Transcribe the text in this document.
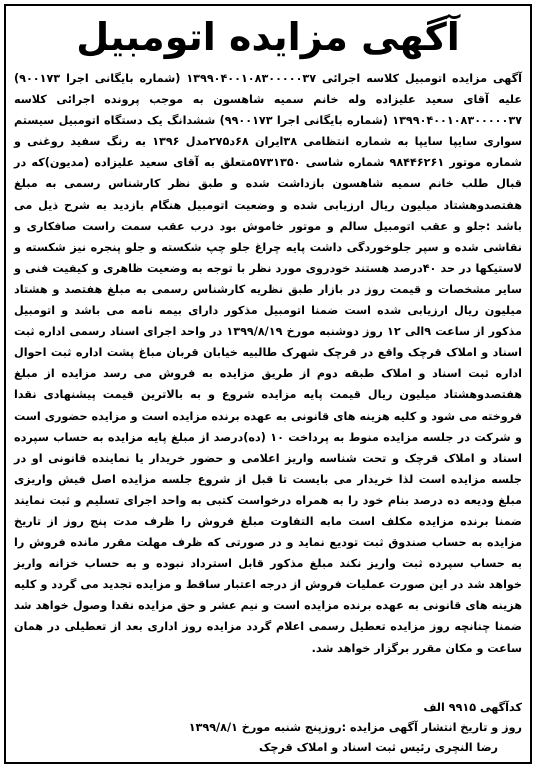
آگهی مزایده اتومبیل

آگهی مزایده اتومبیل کلاسه اجرائی ۱۳۹۹۰۴۰۰۱۰۸۳۰۰۰۰۰۳۷ (شماره بایگانی اجرا ۹۰۰۱۷۳) علیه آقای سعید علیزاده وله خانم سمیه شاهسون به موجب پرونده اجرائی کلاسه ۱۳۹۹۰۴۰۰۱۰۸۳۰۰۰۰۰۳۷ (شماره بایگانی اجرا ۹۹۰۰۱۷۳) ششدانگ یک دستگاه اتومبیل سیستم سواری سایپا سایپا به شماره انتظامی ۳۸ایران ۶۸د۲۷۵مدل ۱۳۹۶ به رنگ سفید روغنی و شماره موتور ۹۸۴۴۶۲۶۱ شماره شاسی ۵۷۳۱۳۵۰متعلق به آقای سعید علیزاده (مدیون)که در قبال طلب خانم سمیه شاهسون بازداشت شده و طبق نظر کارشناس رسمی به مبلغ هفتصدوهشتاد میلیون ریال ارزیابی شده و وضعیت اتومبیل هنگام بازدید به شرح ذیل می باشد :جلو و عقب اتومبیل سالم و موتور خاموش بود درب عقب سمت راست صافکاری و نقاشی شده و سپر جلوخوردگی داشت پایه چراغ جلو چپ شکسته و جلو پنجره نیز شکسته و لاستیکها در حد ۴۰درصد هستند خودروی مورد نظر با توجه به وضعیت ظاهری و کیفیت فنی و سایر مشخصات و قیمت روز در بازار طبق نظریه کارشناس رسمی به مبلغ هفتصد و هشتاد میلیون ریال ارزیابی شده است ضمنا اتومبیل مذکور دارای بیمه نامه می باشد و اتومبیل مذکور از ساعت ۹الی ۱۲ روز دوشنبه مورخ ۱۳۹۹/۸/۱۹ در واحد اجرای اسناد رسمی اداره ثبت اسناد و املاک قرچک واقع در قرچک شهرک طالبیه خیابان قربان مباغ پشت اداره ثبت احوال اداره ثبت اسناد و املاک طبقه دوم از طریق مزایده به فروش می رسد مزایده از مبلغ هفتصدوهشتاد میلیون ریال قیمت پایه مزایده شروع و به بالاترین قیمت پیشنهادی نقدا فروخته می شود و کلیه هزینه های قانونی به عهده برنده مزایده است و مزایده حضوری است و شرکت در جلسه مزایده منوط به پرداخت ۱۰ (ده)درصد از مبلغ پایه مزایده به حساب سپرده اسناد و املاک قرچک و تحت شناسه واریز اعلامی و حضور خریدار یا نماینده قانونی او در جلسه مزایده است لذا خریدار می بایست تا قبل از شروع جلسه مزایده اصل فیش واریزی مبلغ ودیعه ده درصد بنام خود را به همراه درخواست کتبی به واحد اجرای تسلیم و ثبت نمایند ضمنا برنده مزایده مکلف است مابه التفاوت مبلغ فروش را ظرف مدت پنج روز از تاریخ مزایده به حساب صندوق ثبت تودیع نماید و در صورتی که ظرف مهلت مقرر مانده فروش را به حساب سپرده ثبت واریز نکند مبلغ مذکور قابل استرداد نبوده و به حساب خزانه واریز خواهد شد در این صورت عملیات فروش از درجه اعتبار ساقط و مزایده تجدید می گردد و کلیه هزینه های قانونی به عهده برنده مزایده است و نیم عشر و حق مزایده نقدا وصول خواهد شد ضمنا چنانچه روز مزایده تعطیل رسمی اعلام گردد مزایده روز اداری بعد از تعطیلی در همان ساعت و مکان مقرر برگزار خواهد شد.

کدآگهی ۹۹۱۵ الف
روز و تاریخ انتشار آگهی مزایده :روزپنج شنبه مورخ ۱۳۹۹/۸/۱
رضا النچری رئیس ثبت اسناد و املاک قرچک
